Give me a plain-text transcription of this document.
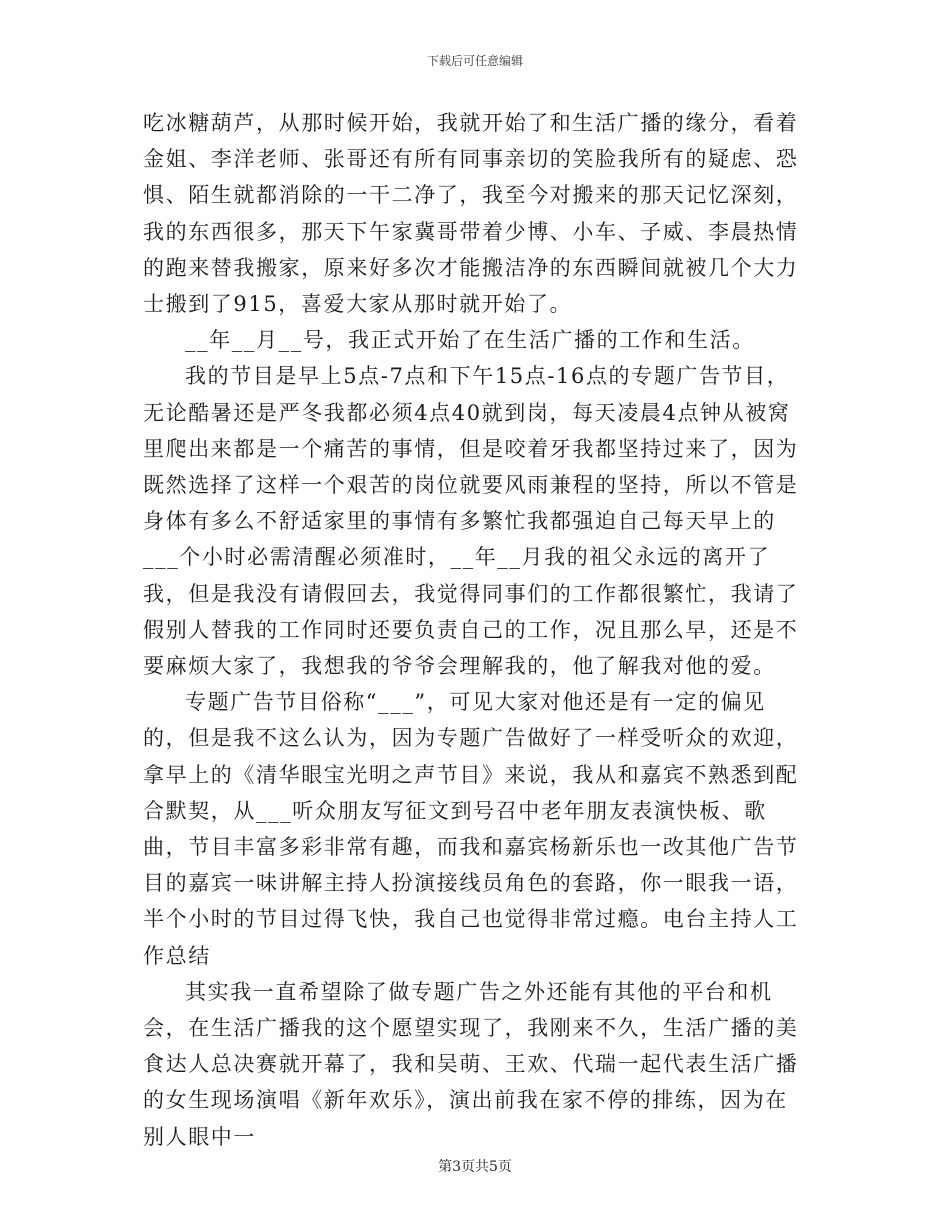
下载后可任意编辑

吃冰糖葫芦，从那时候开始，我就开始了和生活广播的缘分，看着金姐、李洋老师、张哥还有所有同事亲切的笑脸我所有的疑虑、恐惧、陌生就都消除的一干二净了，我至今对搬来的那天记忆深刻，我的东西很多，那天下午家冀哥带着少博、小车、子威、李晨热情的跑来替我搬家，原来好多次才能搬洁净的东西瞬间就被几个大力士搬到了915，喜爱大家从那时就开始了。

__年__月__号，我正式开始了在生活广播的工作和生活。

我的节目是早上5点-7点和下午15点-16点的专题广告节目，无论酷暑还是严冬我都必须4点40就到岗，每天凌晨4点钟从被窝里爬出来都是一个痛苦的事情，但是咬着牙我都坚持过来了，因为既然选择了这样一个艰苦的岗位就要风雨兼程的坚持，所以不管是身体有多么不舒适家里的事情有多繁忙我都强迫自己每天早上的___个小时必需清醒必须准时，__年__月我的祖父永远的离开了我，但是我没有请假回去，我觉得同事们的工作都很繁忙，我请了假别人替我的工作同时还要负责自己的工作，况且那么早，还是不要麻烦大家了，我想我的爷爷会理解我的，他了解我对他的爱。

专题广告节目俗称“___”，可见大家对他还是有一定的偏见的，但是我不这么认为，因为专题广告做好了一样受听众的欢迎，拿早上的《清华眼宝光明之声节目》来说，我从和嘉宾不熟悉到配合默契，从___听众朋友写征文到号召中老年朋友表演快板、歌曲，节目丰富多彩非常有趣，而我和嘉宾杨新乐也一改其他广告节目的嘉宾一味讲解主持人扮演接线员角色的套路，你一眼我一语，半个小时的节目过得飞快，我自己也觉得非常过瘾。电台主持人工作总结

其实我一直希望除了做专题广告之外还能有其他的平台和机会，在生活广播我的这个愿望实现了，我刚来不久，生活广播的美食达人总决赛就开幕了，我和吴萌、王欢、代瑞一起代表生活广播的女生现场演唱《新年欢乐》，演出前我在家不停的排练，因为在别人眼中一

第3页共5页
